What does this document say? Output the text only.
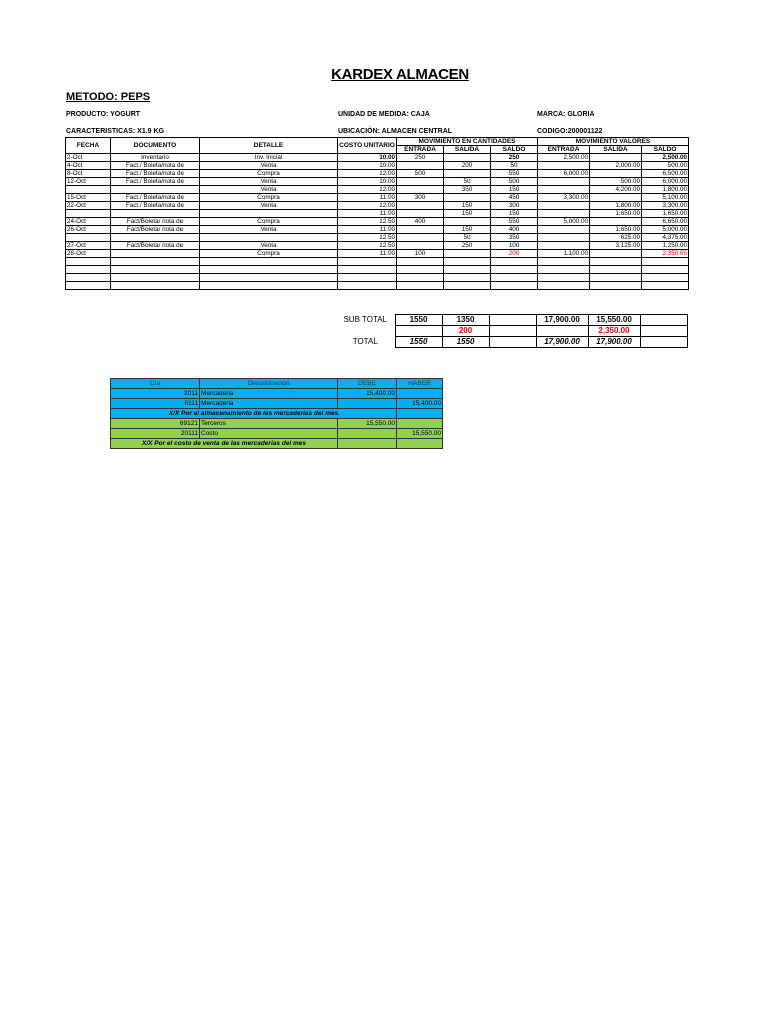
KARDEX ALMACEN
METODO: PEPS
PRODUCTO: YOGURT	UNIDAD DE MEDIDA: CAJA	MARCA: GLORIA
CARACTERISTICAS: X1.9 KG	UBICACIÓN: ALMACEN CENTRAL	CODIGO:200001122
FECHA	DOCUMENTO	DETALLE	COSTO UNITARIO	MOVIMIENTO EN CANTIDADES			MOVIMIENTO VALORES		
				ENTRADA	SALIDA	SALDO	ENTRADA	SALIDA	SALDO
2-Oct	Inventario	Inv. Inicial	10.00	250		250	2,500.00		2,500.00
4-Oct	Fact./ Boleta/nota de	Venta	10.00		200	50		2,000.00	500.00
8-Oct	Fact./ Boleta/nota de	Compra	12.00	500		550	6,000.00		6,500.00
12-Oct	Fact./ Boleta/nota de	Venta	10.00		50	500		500.00	6,000.00
		Venta	12.00		350	150		4,200.00	1,800.00
15-Oct	Fact./ Boleta/nota de	Compra	11.00	300		450	3,300.00		5,100.00
22-Oct	Fact./ Boleta/nota de	Venta	12.00		150	300		1,800.00	3,300.00
			11.00		150	150		1,650.00	1,650.00
24-Oct	Fact/Boleta/ nota de	Compra	12.50	400		550	5,000.00		6,650.00
26-Oct	Fact/Boleta/ nota de	Venta	11.00		150	400		1,650.00	5,000.00
			12.50		50	350		625.00	4,375.00
27-Oct	Fact/Boleta/ nota de	Venta	12.50		250	100		3,125.00	1,250.00
28-Oct		Compra	11.00	100		200	1,100.00		2,350.00

SUB TOTAL	1550	1350		17,900.00	15,550.00	
		200			2,350.00	
TOTAL	1550	1550		17,900.00	17,900.00	
Cta	Denominacion	DEBE	HABER
2011	Mercaderia	15,400.00	
6111	Mercaderia		15,400.00
X/X Por el almacenamiento de las mercaderias del mes			
69121	Terceros	15,550.00	
20111	Costo		15,550.00
X/X Por el costo de venta de las mercaderias del mes			
